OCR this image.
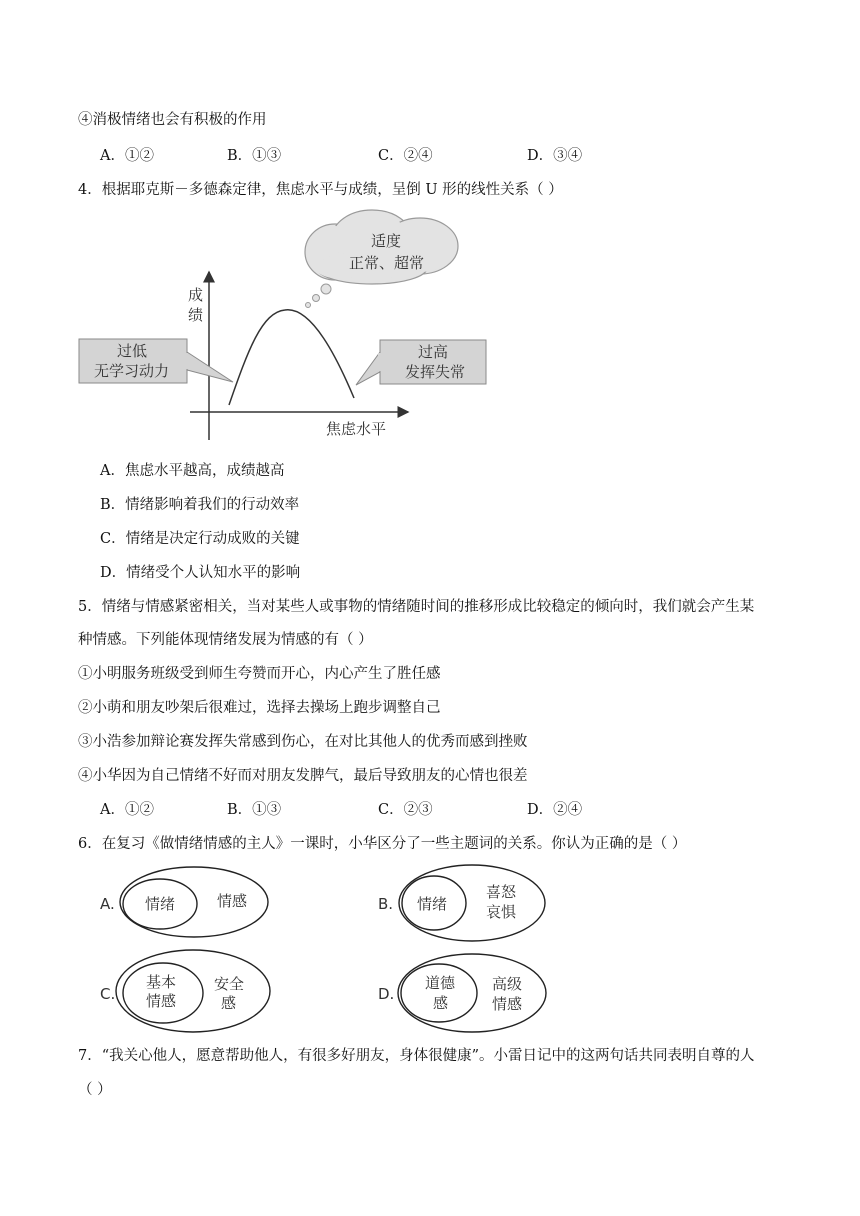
④消极情绪也会有积极的作用
A．①②	B．①③	C．②④	D．③④
4．根据耶克斯－多德森定律，焦虑水平与成绩，呈倒 U 形的线性关系（ ）
成
绩
焦虑水平
适度
正常、超常
过低
无学习动力
过高
发挥失常
A. 情绪	情感	B. 情绪
喜怒
哀惧
C.
基本
情感
安全
感	D.
道德
感
高级
情感
A．焦虑水平越高，成绩越高
B．情绪影响着我们的行动效率
C．情绪是决定行动成败的关键
D．情绪受个人认知水平的影响
5．情绪与情感紧密相关，当对某些人或事物的情绪随时间的推移形成比较稳定的倾向时，我们就会产生某
种情感。下列能体现情绪发展为情感的有（ ）
①小明服务班级受到师生夸赞而开心，内心产生了胜任感
②小萌和朋友吵架后很难过，选择去操场上跑步调整自己
③小浩参加辩论赛发挥失常感到伤心，在对比其他人的优秀而感到挫败
④小华因为自己情绪不好而对朋友发脾气，最后导致朋友的心情也很差
A．①②	B．①③	C．②③	D．②④
6．在复习《做情绪情感的主人》一课时，小华区分了一些主题词的关系。你认为正确的是（ ）
7．“我关心他人，愿意帮助他人，有很多好朋友，身体很健康”。小雷日记中的这两句话共同表明自尊的人
（ ）
